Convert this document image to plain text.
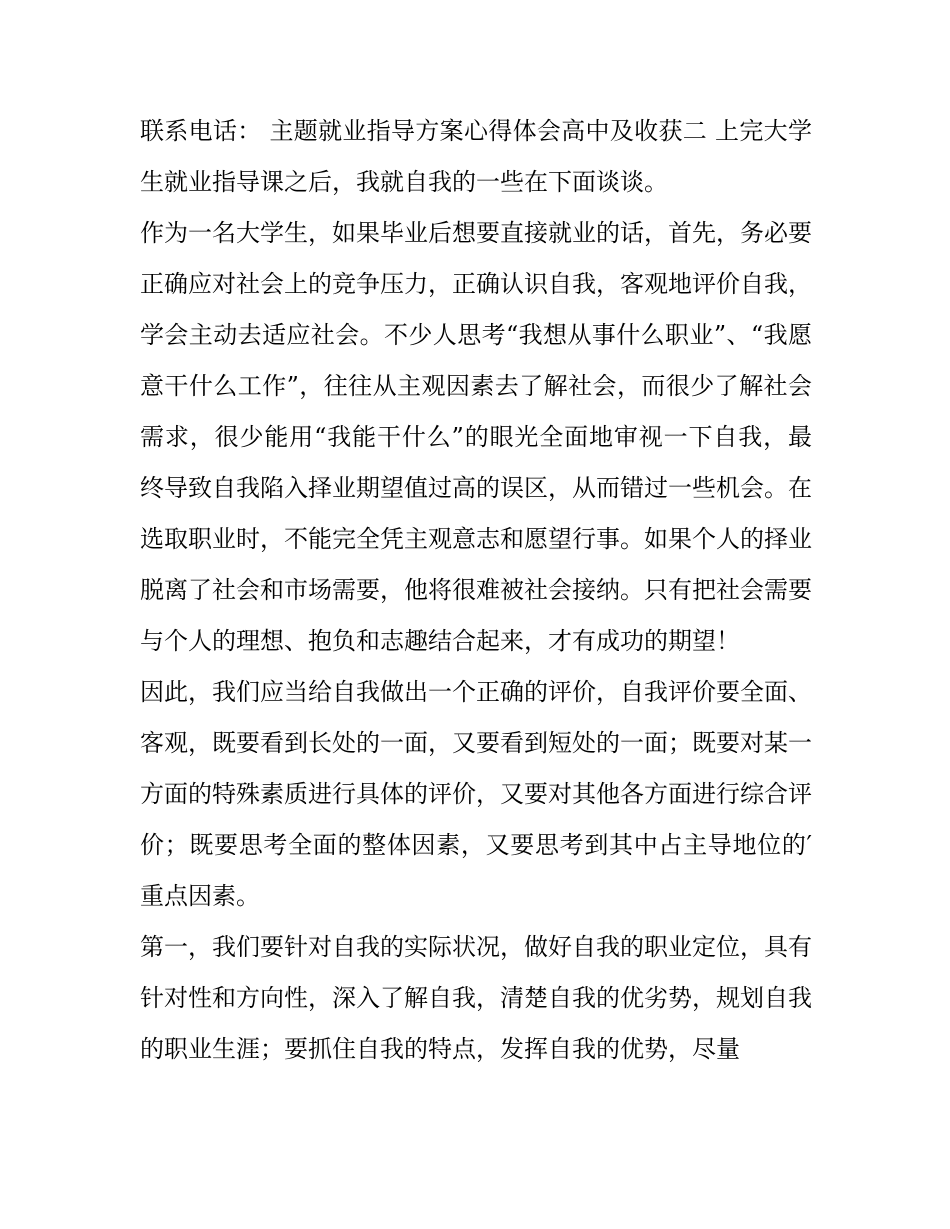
联系电话： 主题就业指导方案心得体会高中及收获二 上完大学生就业指导课之后，我就自我的一些在下面谈谈。

作为一名大学生，如果毕业后想要直接就业的话，首先，务必要正确应对社会上的竞争压力，正确认识自我，客观地评价自我，学会主动去适应社会。不少人思考“我想从事什么职业”、“我愿意干什么工作”，往往从主观因素去了解社会，而很少了解社会需求，很少能用“我能干什么”的眼光全面地审视一下自我，最终导致自我陷入择业期望值过高的误区，从而错过一些机会。在选取职业时，不能完全凭主观意志和愿望行事。如果个人的择业脱离了社会和市场需要，他将很难被社会接纳。只有把社会需要与个人的理想、抱负和志趣结合起来，才有成功的期望！

因此，我们应当给自我做出一个正确的评价，自我评价要全面、客观，既要看到长处的一面，又要看到短处的一面；既要对某一方面的特殊素质进行具体的评价，又要对其他各方面进行综合评价；既要思考全面的整体因素，又要思考到其中占主导地位的′重点因素。

第一，我们要针对自我的实际状况，做好自我的职业定位，具有针对性和方向性，深入了解自我，清楚自我的优劣势，规划自我的职业生涯；要抓住自我的特点，发挥自我的优势，尽量
